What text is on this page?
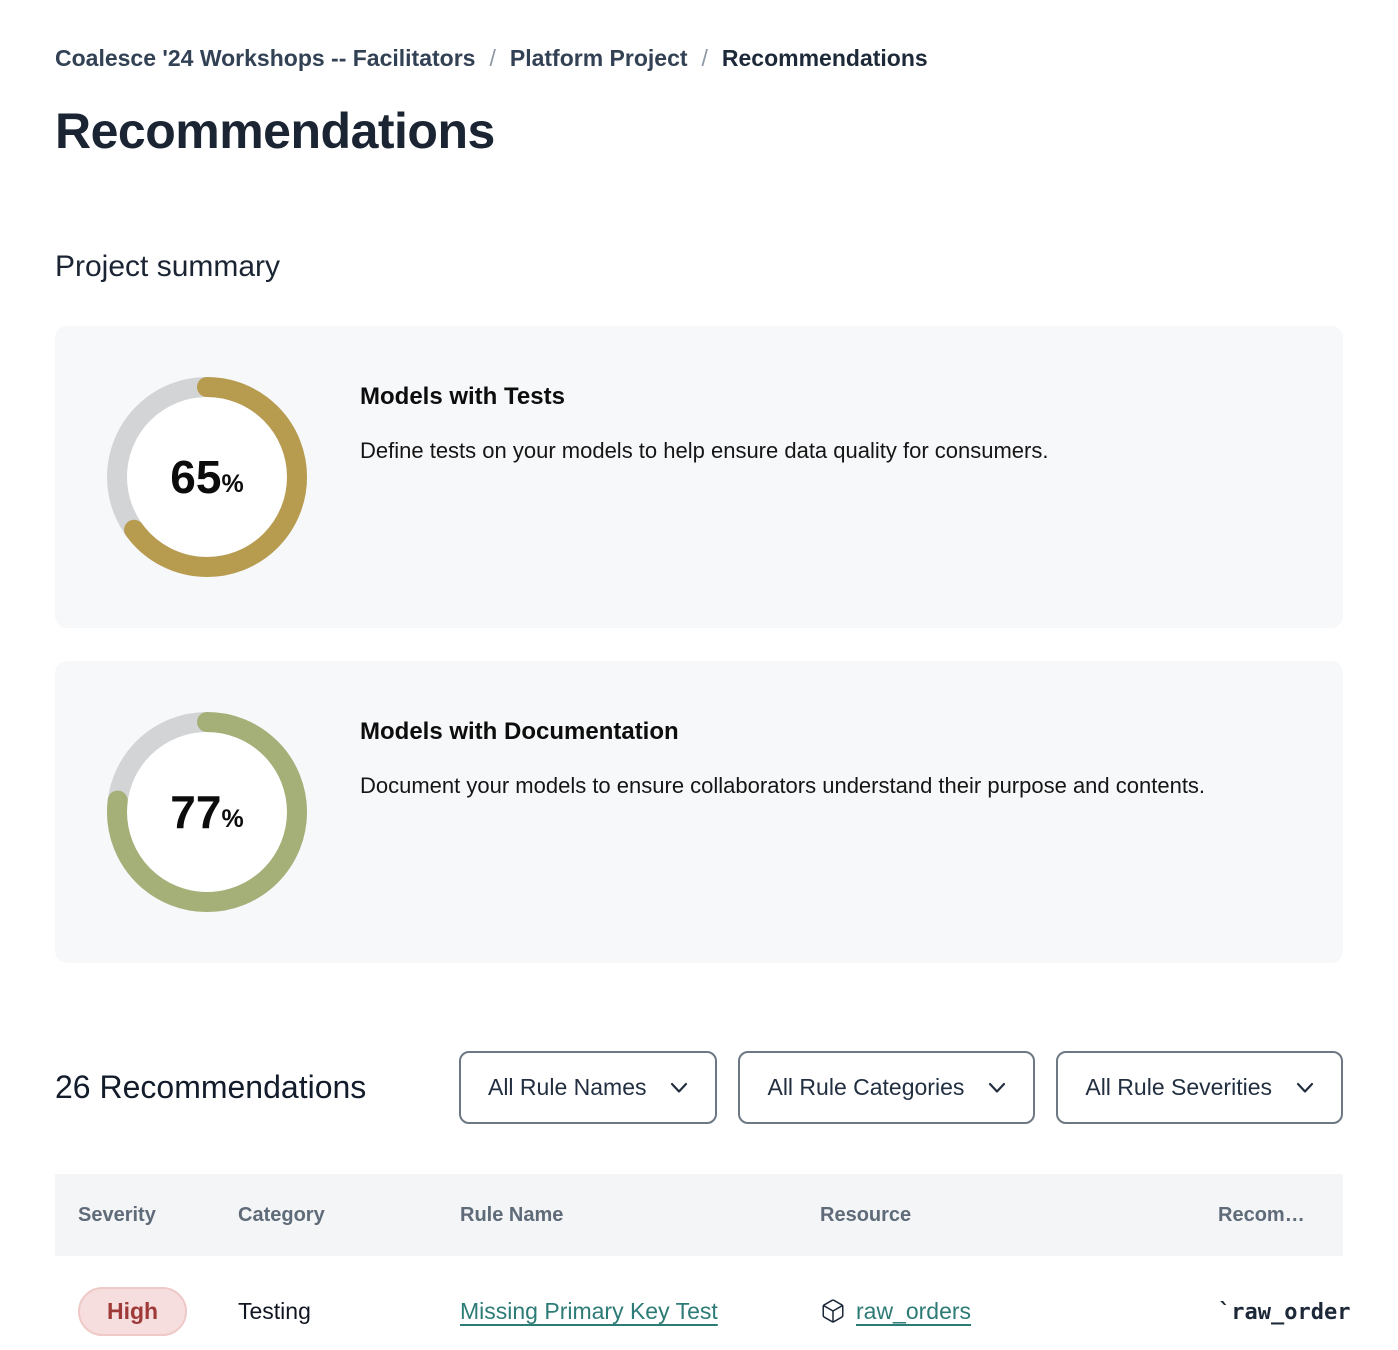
Coalesce '24 Workshops -- Facilitators / Platform Project / Recommendations
Recommendations
Project summary
65 %
Models with Tests
Define tests on your models to help ensure data quality for consumers.
77 %
Models with Documentation
Document your models to ensure collaborators understand their purpose and contents.
26 Recommendations	All Rule Names	All Rule Categories	All Rule Severities
Severity	Category	Rule Name	Resource	Recom…
High	Testing	Missing Primary Key Test	raw_orders	`raw_order
